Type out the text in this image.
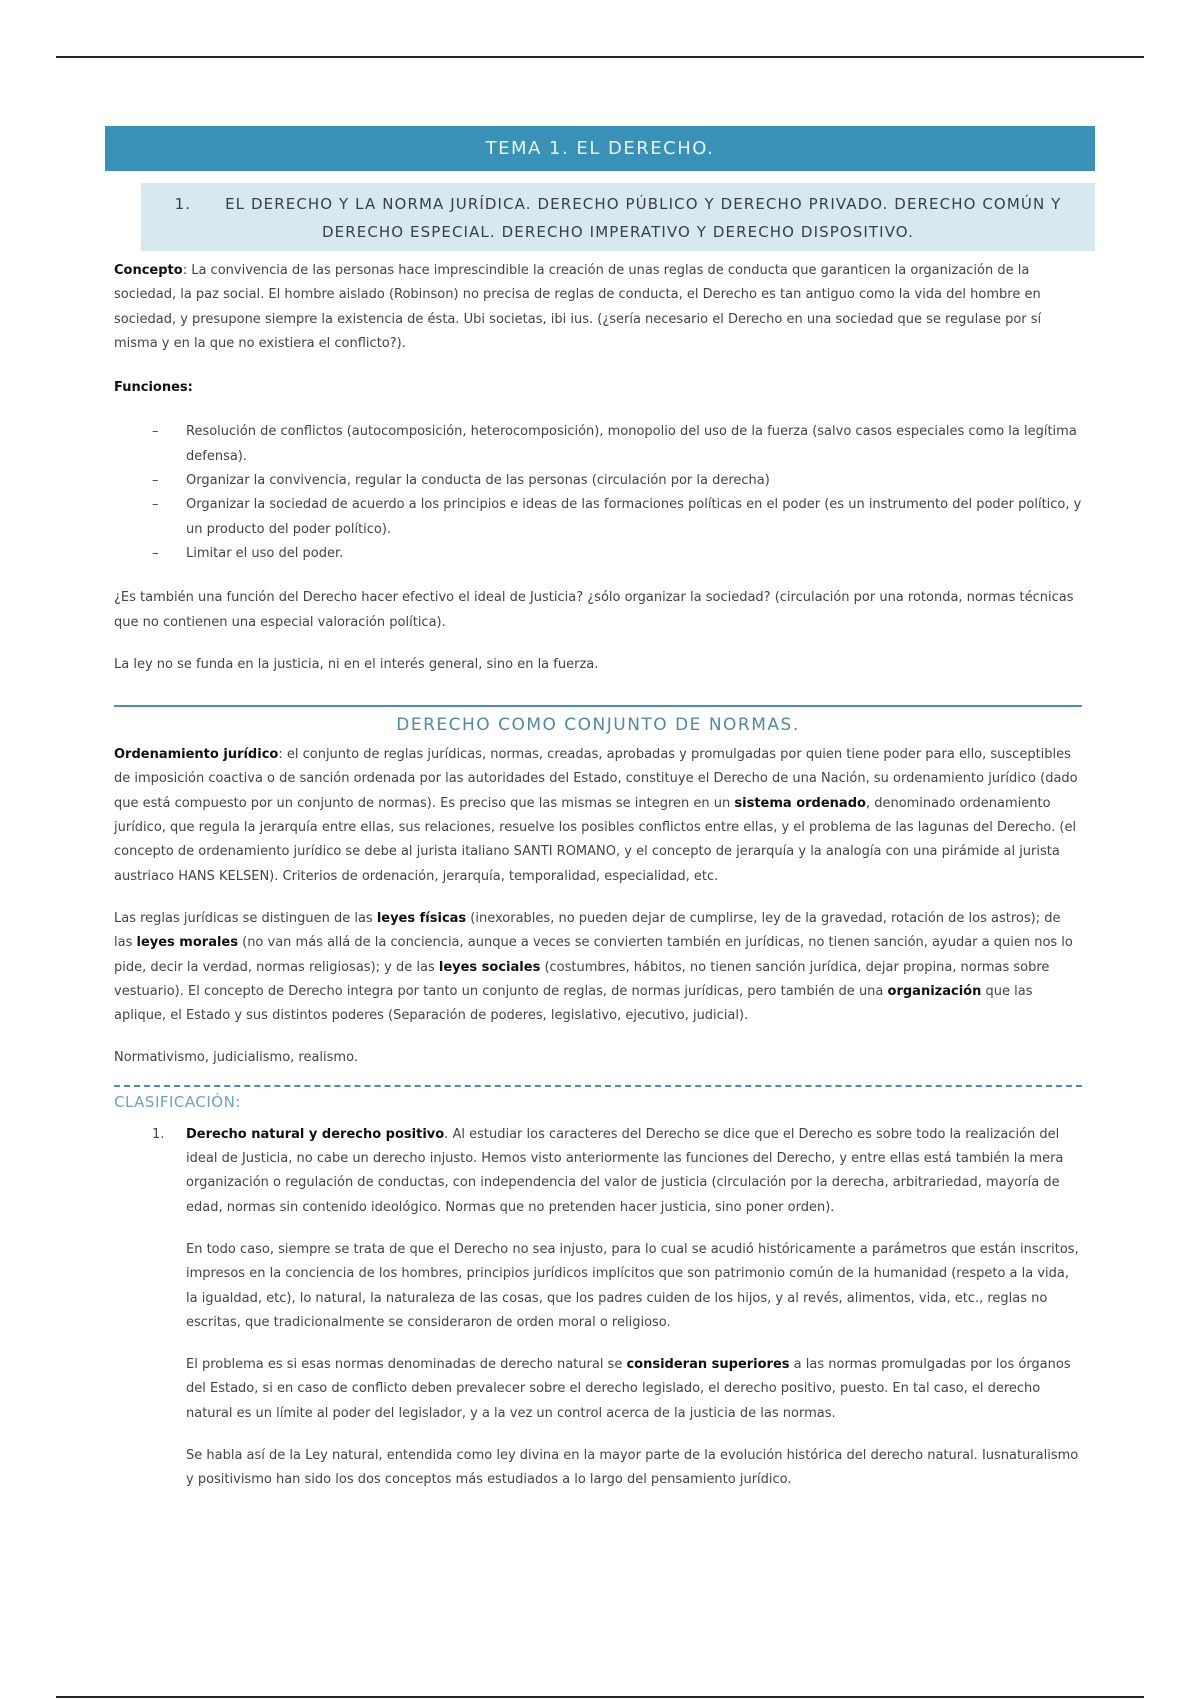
TEMA 1. EL DERECHO.
1. EL DERECHO Y LA NORMA JURÍDICA. DERECHO PÚBLICO Y DERECHO PRIVADO. DERECHO COMÚN Y
DERECHO ESPECIAL. DERECHO IMPERATIVO Y DERECHO DISPOSITIVO.

Concepto: La convivencia de las personas hace imprescindible la creación de unas reglas de conducta que garanticen la organización de la sociedad, la paz social. El hombre aislado (Robinson) no precisa de reglas de conducta, el Derecho es tan antiguo como la vida del hombre en sociedad, y presupone siempre la existencia de ésta. Ubi societas, ibi ius. (¿sería necesario el Derecho en una sociedad que se regulase por sí misma y en la que no existiera el conflicto?).

Funciones:

– Resolución de conflictos (autocomposición, heterocomposición), monopolio del uso de la fuerza (salvo casos especiales como la legítima defensa).
– Organizar la convivencia, regular la conducta de las personas (circulación por la derecha)
– Organizar la sociedad de acuerdo a los principios e ideas de las formaciones políticas en el poder (es un instrumento del poder político, y un producto del poder político).
– Limitar el uso del poder.

¿Es también una función del Derecho hacer efectivo el ideal de Justicia? ¿sólo organizar la sociedad? (circulación por una rotonda, normas técnicas que no contienen una especial valoración política).

La ley no se funda en la justicia, ni en el interés general, sino en la fuerza.

DERECHO COMO CONJUNTO DE NORMAS.

Ordenamiento jurídico: el conjunto de reglas jurídicas, normas, creadas, aprobadas y promulgadas por quien tiene poder para ello, susceptibles de imposición coactiva o de sanción ordenada por las autoridades del Estado, constituye el Derecho de una Nación, su ordenamiento jurídico (dado que está compuesto por un conjunto de normas). Es preciso que las mismas se integren en un sistema ordenado, denominado ordenamiento jurídico, que regula la jerarquía entre ellas, sus relaciones, resuelve los posibles conflictos entre ellas, y el problema de las lagunas del Derecho. (el concepto de ordenamiento jurídico se debe al jurista italiano SANTI ROMANO, y el concepto de jerarquía y la analogía con una pirámide al jurista austriaco HANS KELSEN). Criterios de ordenación, jerarquía, temporalidad, especialidad, etc.

Las reglas jurídicas se distinguen de las leyes físicas (inexorables, no pueden dejar de cumplirse, ley de la gravedad, rotación de los astros); de las leyes morales (no van más allá de la conciencia, aunque a veces se convierten también en jurídicas, no tienen sanción, ayudar a quien nos lo pide, decir la verdad, normas religiosas); y de las leyes sociales (costumbres, hábitos, no tienen sanción jurídica, dejar propina, normas sobre vestuario). El concepto de Derecho integra por tanto un conjunto de reglas, de normas jurídicas, pero también de una organización que las aplique, el Estado y sus distintos poderes (Separación de poderes, legislativo, ejecutivo, judicial).

Normativismo, judicialismo, realismo.

CLASIFICACIÓN:
1. Derecho natural y derecho positivo. Al estudiar los caracteres del Derecho se dice que el Derecho es sobre todo la realización del ideal de Justicia, no cabe un derecho injusto. Hemos visto anteriormente las funciones del Derecho, y entre ellas está también la mera organización o regulación de conductas, con independencia del valor de justicia (circulación por la derecha, arbitrariedad, mayoría de edad, normas sin contenido ideológico. Normas que no pretenden hacer justicia, sino poner orden).

En todo caso, siempre se trata de que el Derecho no sea injusto, para lo cual se acudió históricamente a parámetros que están inscritos, impresos en la conciencia de los hombres, principios jurídicos implícitos que son patrimonio común de la humanidad (respeto a la vida, la igualdad, etc), lo natural, la naturaleza de las cosas, que los padres cuiden de los hijos, y al revés, alimentos, vida, etc., reglas no escritas, que tradicionalmente se consideraron de orden moral o religioso.

El problema es si esas normas denominadas de derecho natural se consideran superiores a las normas promulgadas por los órganos del Estado, si en caso de conflicto deben prevalecer sobre el derecho legislado, el derecho positivo, puesto. En tal caso, el derecho natural es un límite al poder del legislador, y a la vez un control acerca de la justicia de las normas.

Se habla así de la Ley natural, entendida como ley divina en la mayor parte de la evolución histórica del derecho natural. Iusnaturalismo y positivismo han sido los dos conceptos más estudiados a lo largo del pensamiento jurídico.
